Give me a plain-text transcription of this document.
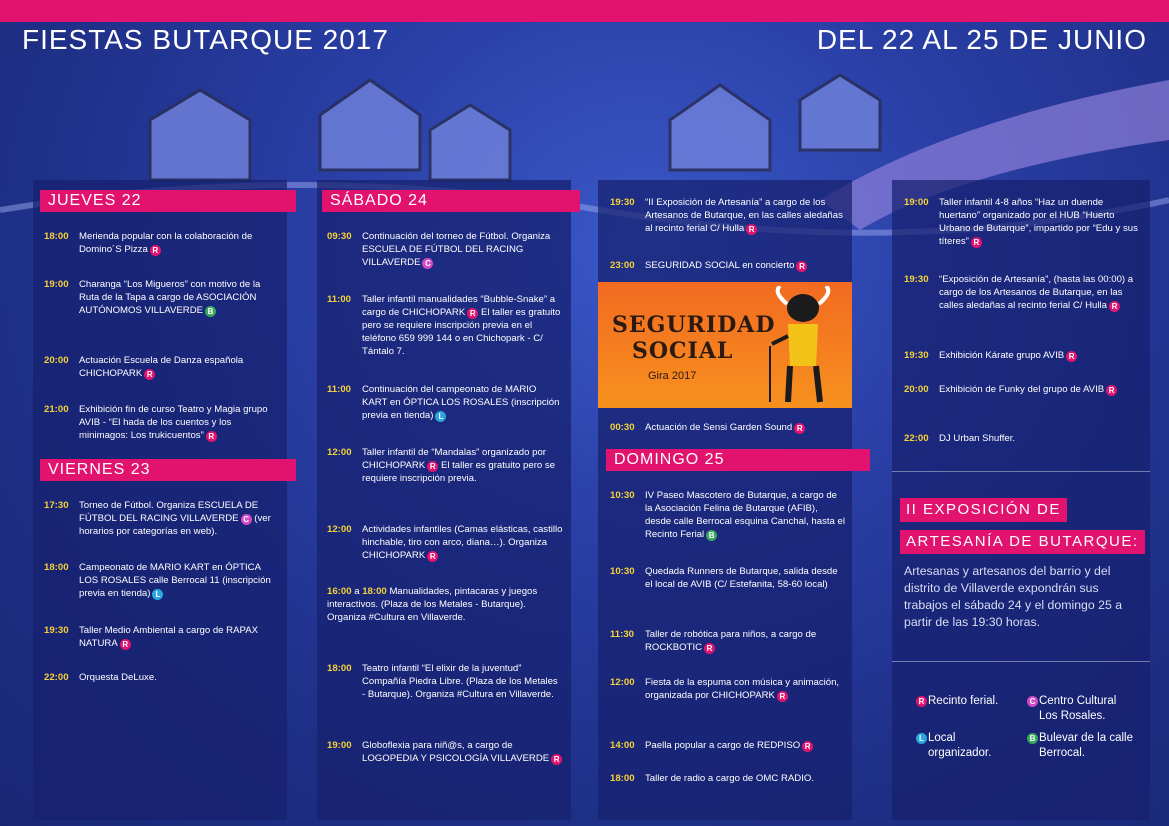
FIESTAS BUTARQUE 2017	DEL 22 AL 25 DE JUNIO
JUEVES 22
18:00 Merienda popular con la colaboración de Domino´S Pizza R
19:00 Charanga “Los Migueros” con motivo de la Ruta de la Tapa a cargo de ASOCIACIÓN AUTÓNOMOS VILLAVERDE B
20:00 Actuación Escuela de Danza española CHICHOPARK R
21:00 Exhibición fin de curso Teatro y Magia grupo AVIB - “El hada de los cuentos y los minimagos: Los trukicuentos” R
VIERNES 23
17:30 Torneo de Fútbol. Organiza ESCUELA DE FÚTBOL DEL RACING VILLAVERDE C (ver horarios por categorías en web).
18:00 Campeonato de MARIO KART en ÓPTICA LOS ROSALES calle Berrocal 11 (inscripción previa en tienda) L
19:30 Taller Medio Ambiental a cargo de RAPAX NATURA R
22:00 Orquesta DeLuxe.
SÁBADO 24
09:30 Continuación del torneo de Fútbol. Organiza ESCUELA DE FÚTBOL DEL RACING VILLAVERDE C
11:00 Taller infantil manualidades “Bubble-Snake” a cargo de CHICHOPARK R El taller es gratuito pero se requiere inscripción previa en el teléfono 659 999 144 o en Chichopark - C/ Tántalo 7.
11:00 Continuación del campeonato de MARIO KART en ÓPTICA LOS ROSALES (inscripción previa en tienda) L
12:00 Taller infantil de “Mandalas” organizado por CHICHOPARK R El taller es gratuito pero se requiere inscripción previa.
12:00 Actividades infantiles (Camas elásticas, castillo hinchable, tiro con arco, diana…). Organiza CHICHOPARK R
16:00 a 18:00 Manualidades, pintacaras y juegos interactivos. (Plaza de los Metales - Butarque). Organiza #Cultura en Villaverde.
18:00 Teatro infantil “El elixir de la juventud” Compañía Piedra Libre. (Plaza de los Metales - Butarque). Organiza #Cultura en Villaverde.
19:00 Globoflexia para niñ@s, a cargo de LOGOPEDIA Y PSICOLOGÍA VILLAVERDE R
19:30 “II Exposición de Artesanía” a cargo de los Artesanos de Butarque, en las calles aledañas al recinto ferial C/ Hulla R
23:00 SEGURIDAD SOCIAL en concierto R
SEGURIDAD
SOCIAL
Gira 2017
00:30 Actuación de Sensi Garden Sound R
DOMINGO 25
10:30 IV Paseo Mascotero de Butarque, a cargo de la Asociación Felina de Butarque (AFIB), desde calle Berrocal esquina Canchal, hasta el Recinto Ferial B
10:30 Quedada Runners de Butarque, salida desde el local de AVIB (C/ Estefanita, 58-60 local)
11:30 Taller de robótica para niños, a cargo de ROCKBOTIC R
12:00 Fiesta de la espuma con música y animación, organizada por CHICHOPARK R
14:00 Paella popular a cargo de REDPISO R
18:00 Taller de radio a cargo de OMC RADIO.
19:00 Taller infantil 4-8 años “Haz un duende huertano” organizado por el HUB “Huerto Urbano de Butarque”, impartido por “Edu y sus títeres” R
19:30 “Exposición de Artesanía”, (hasta las 00:00) a cargo de los Artesanos de Butarque, en las calles aledañas al recinto ferial C/ Hulla R
19:30 Exhibición Kárate grupo AVIB R
20:00 Exhibición de Funky del grupo de AVIB R
22:00 DJ Urban Shuffer.
II EXPOSICIÓN DE
ARTESANÍA DE BUTARQUE:
Artesanas y artesanos del barrio y del distrito de Villaverde expondrán sus trabajos el sábado 24 y el domingo 25 a partir de las 19:30 horas.
R Recinto ferial.	C Centro Cultural Los Rosales.
L Local organizador.
B Bulevar de la calle Berrocal.
